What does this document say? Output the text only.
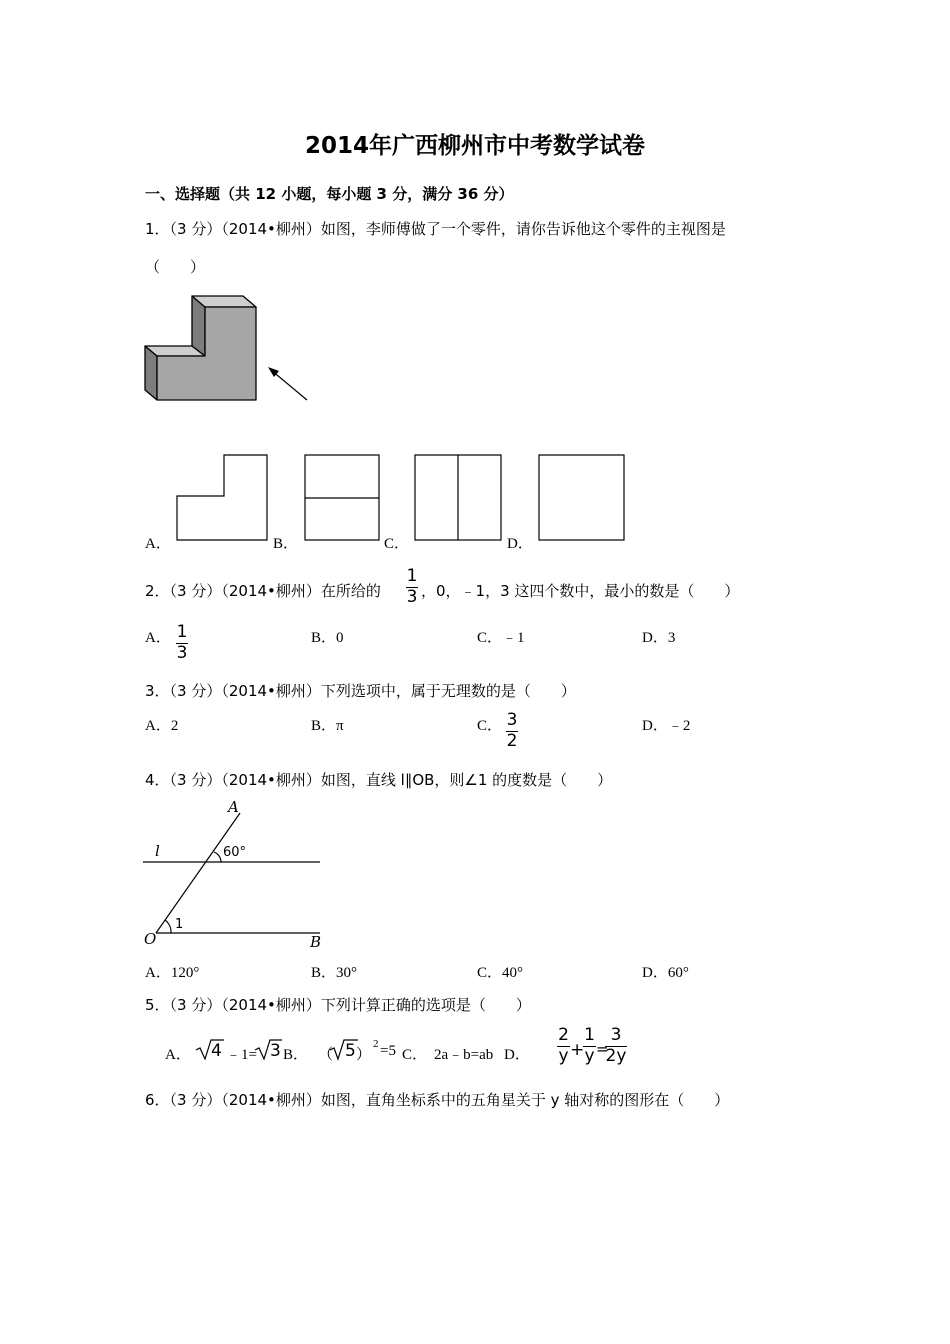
2014年广西柳州市中考数学试卷
一、选择题（共 12 小题，每小题 3 分，满分 36 分）
1．（3 分）（2014•柳州）如图，李师傅做了一个零件，请你告诉他这个零件的主视图是
（　　）
A．	B．	C．	D．
2．（3 分）（2014•柳州）在所给的
1
3 ，0，﹣1，3 这四个数中，最小的数是（　　）
A． 1
3
B．0	C．﹣1	D．3
3．（3 分）（2014•柳州）下列选项中，属于无理数的是（　　）
A．2	B．π	C． 3
2
D．﹣2
4．（3 分）（2014•柳州）如图，直线 l∥OB，则∠1 的度数是（　　）
A
l
O	B
60°
1
A．120°	B．30°	C．40°	D．60°
5．（3 分）（2014•柳州）下列计算正确的选项是（　　）
A． 4 ﹣1= 3 B． （ 5 ）
2 =5 C． 2a﹣b=ab D．
2
y +
1
y =
3
2y
6．（3 分）（2014•柳州）如图，直角坐标系中的五角星关于 y 轴对称的图形在（　　）
